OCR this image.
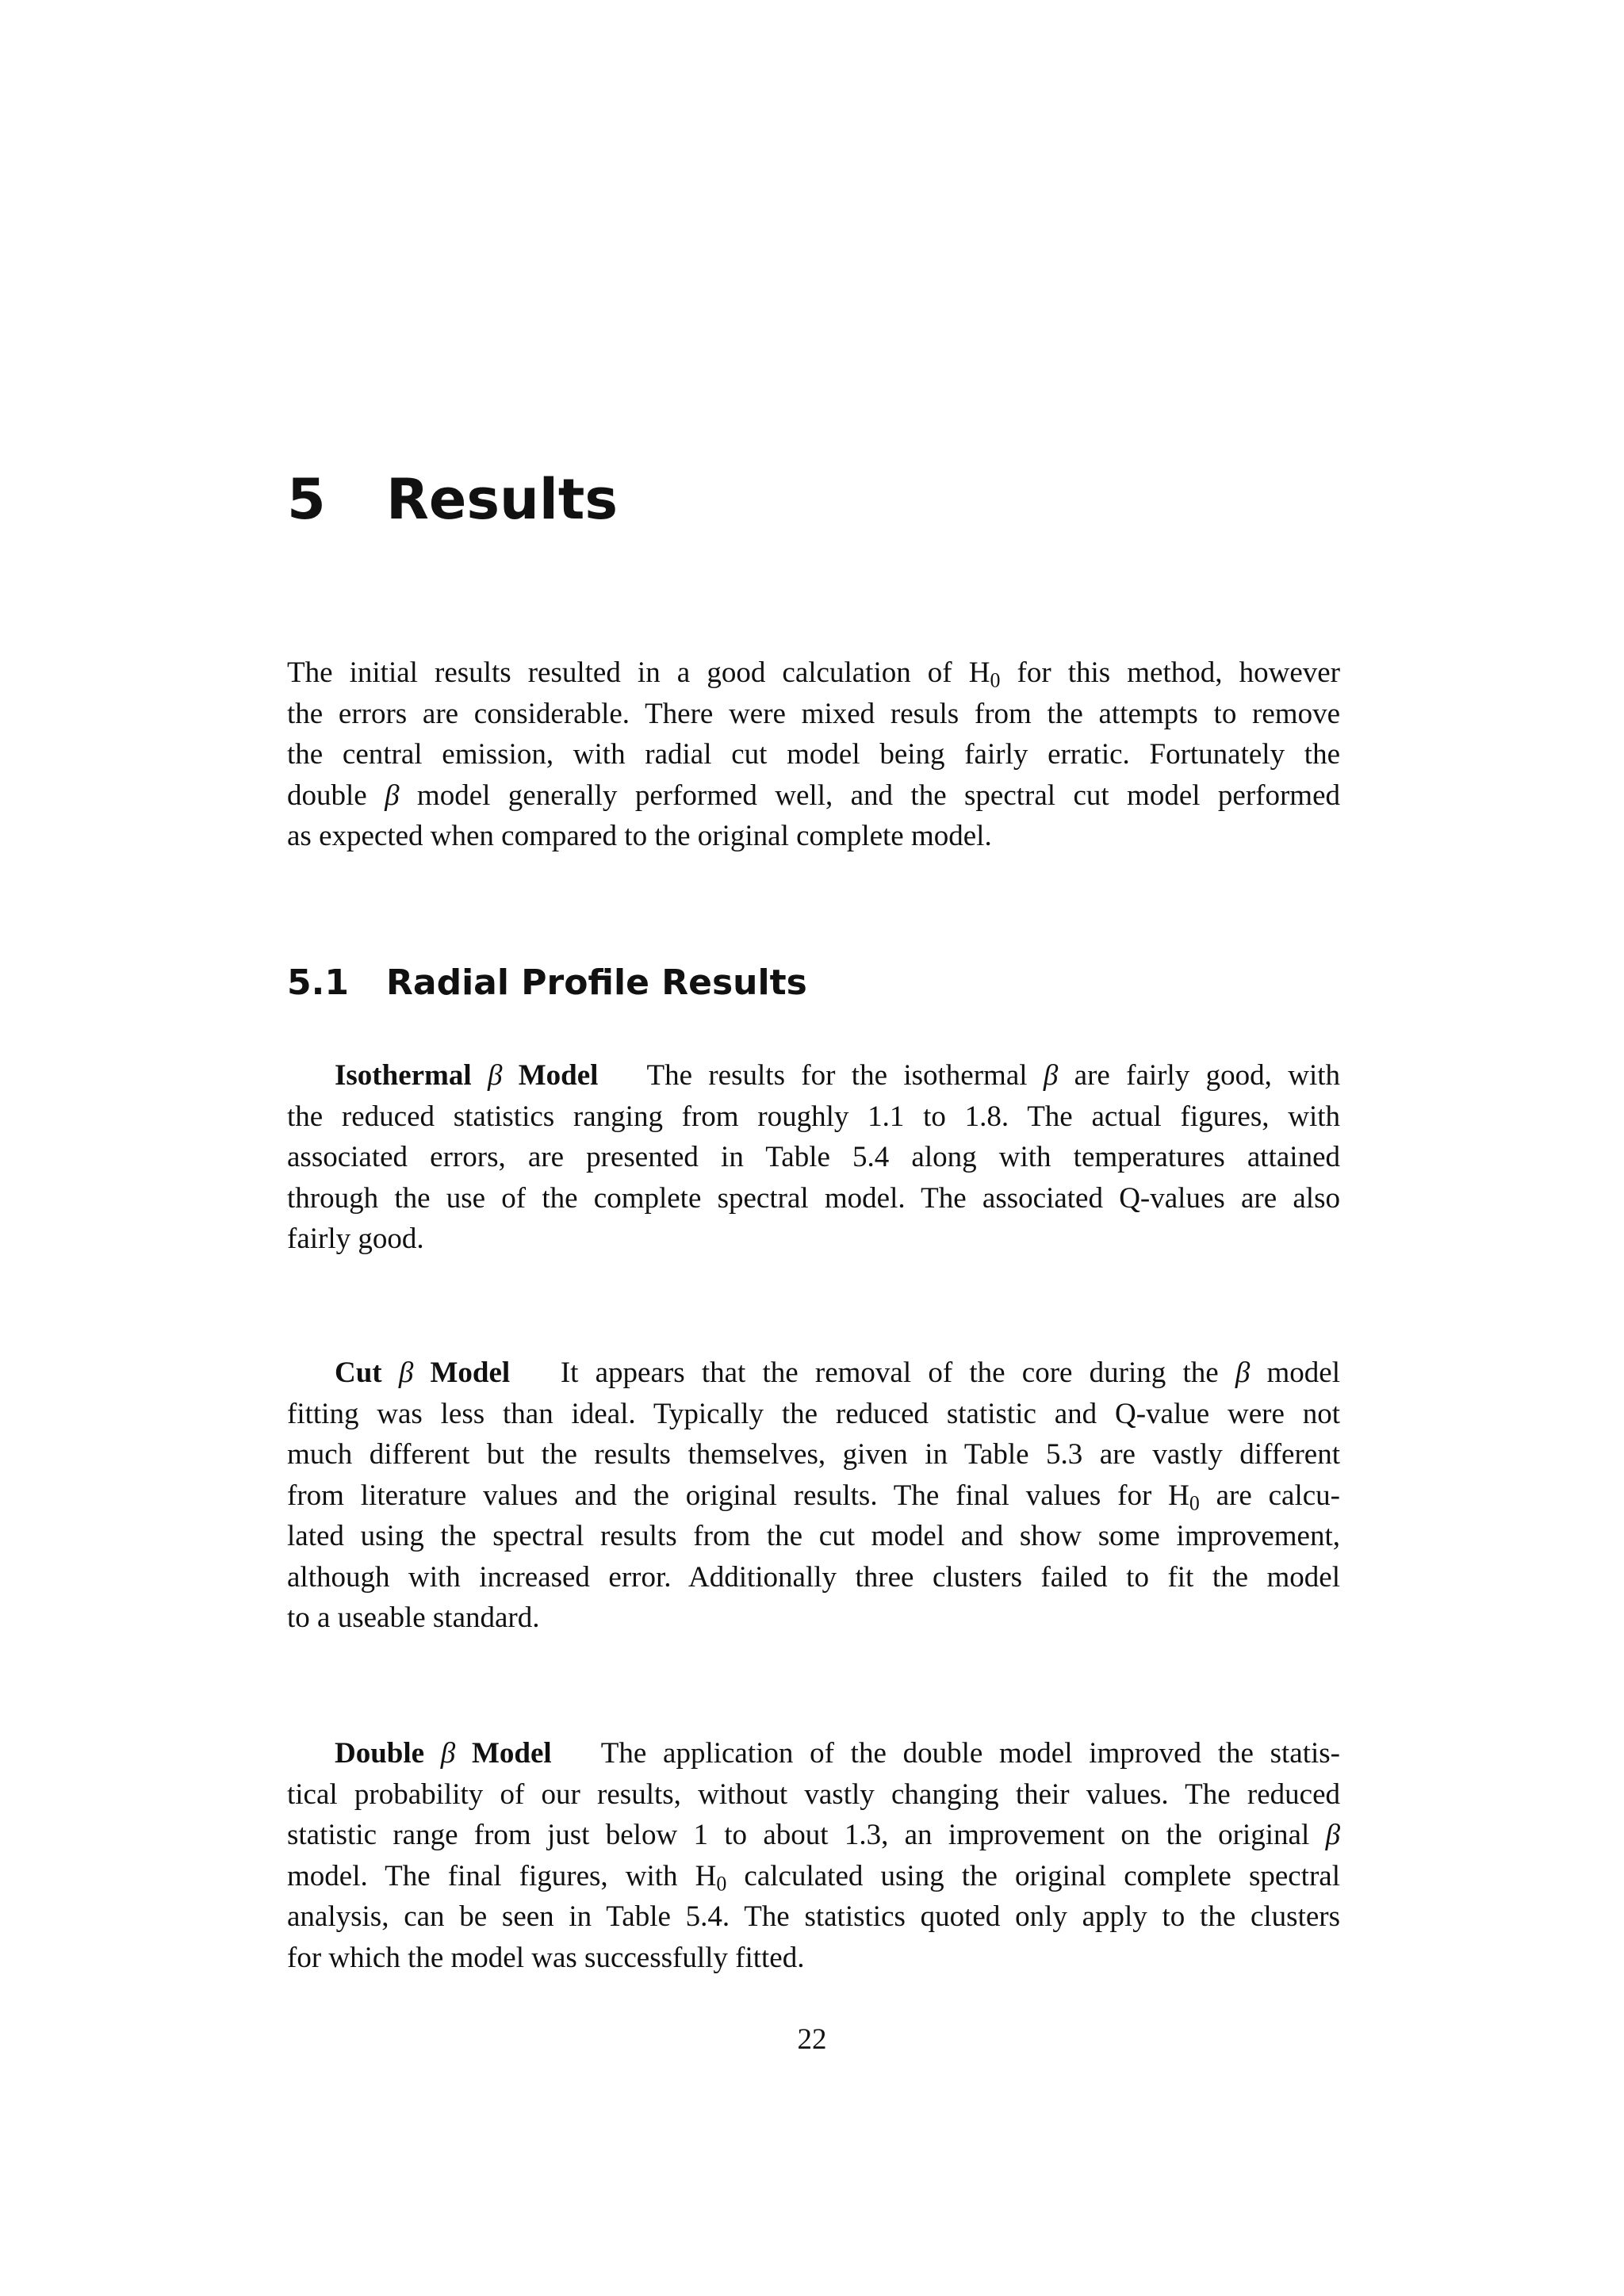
5 Results

The initial results resulted in a good calculation of $H_0$ for this method, however
the errors are considerable. There were mixed resuls from the attempts to remove
the central emission, with radial cut model being fairly erratic. Fortunately the
double β model generally performed well, and the spectral cut model performed
as expected when compared to the original complete model.

5.1 Radial Profile Results

Isothermal β Model The results for the isothermal β are fairly good, with
the reduced statistics ranging from roughly 1.1 to 1.8. The actual figures, with
associated errors, are presented in Table 5.4 along with temperatures attained
through the use of the complete spectral model. The associated Q-values are also
fairly good.

Cut β Model It appears that the removal of the core during the β model
fitting was less than ideal. Typically the reduced statistic and Q-value were not
much different but the results themselves, given in Table 5.3 are vastly different
from literature values and the original results. The final values for $H_0$ are calcu-
lated using the spectral results from the cut model and show some improvement,
although with increased error. Additionally three clusters failed to fit the model
to a useable standard.

Double β Model The application of the double model improved the statis-
tical probability of our results, without vastly changing their values. The reduced
statistic range from just below 1 to about 1.3, an improvement on the original β
model. The final figures, with $H_0$ calculated using the original complete spectral
analysis, can be seen in Table 5.4. The statistics quoted only apply to the clusters
for which the model was successfully fitted.

22
